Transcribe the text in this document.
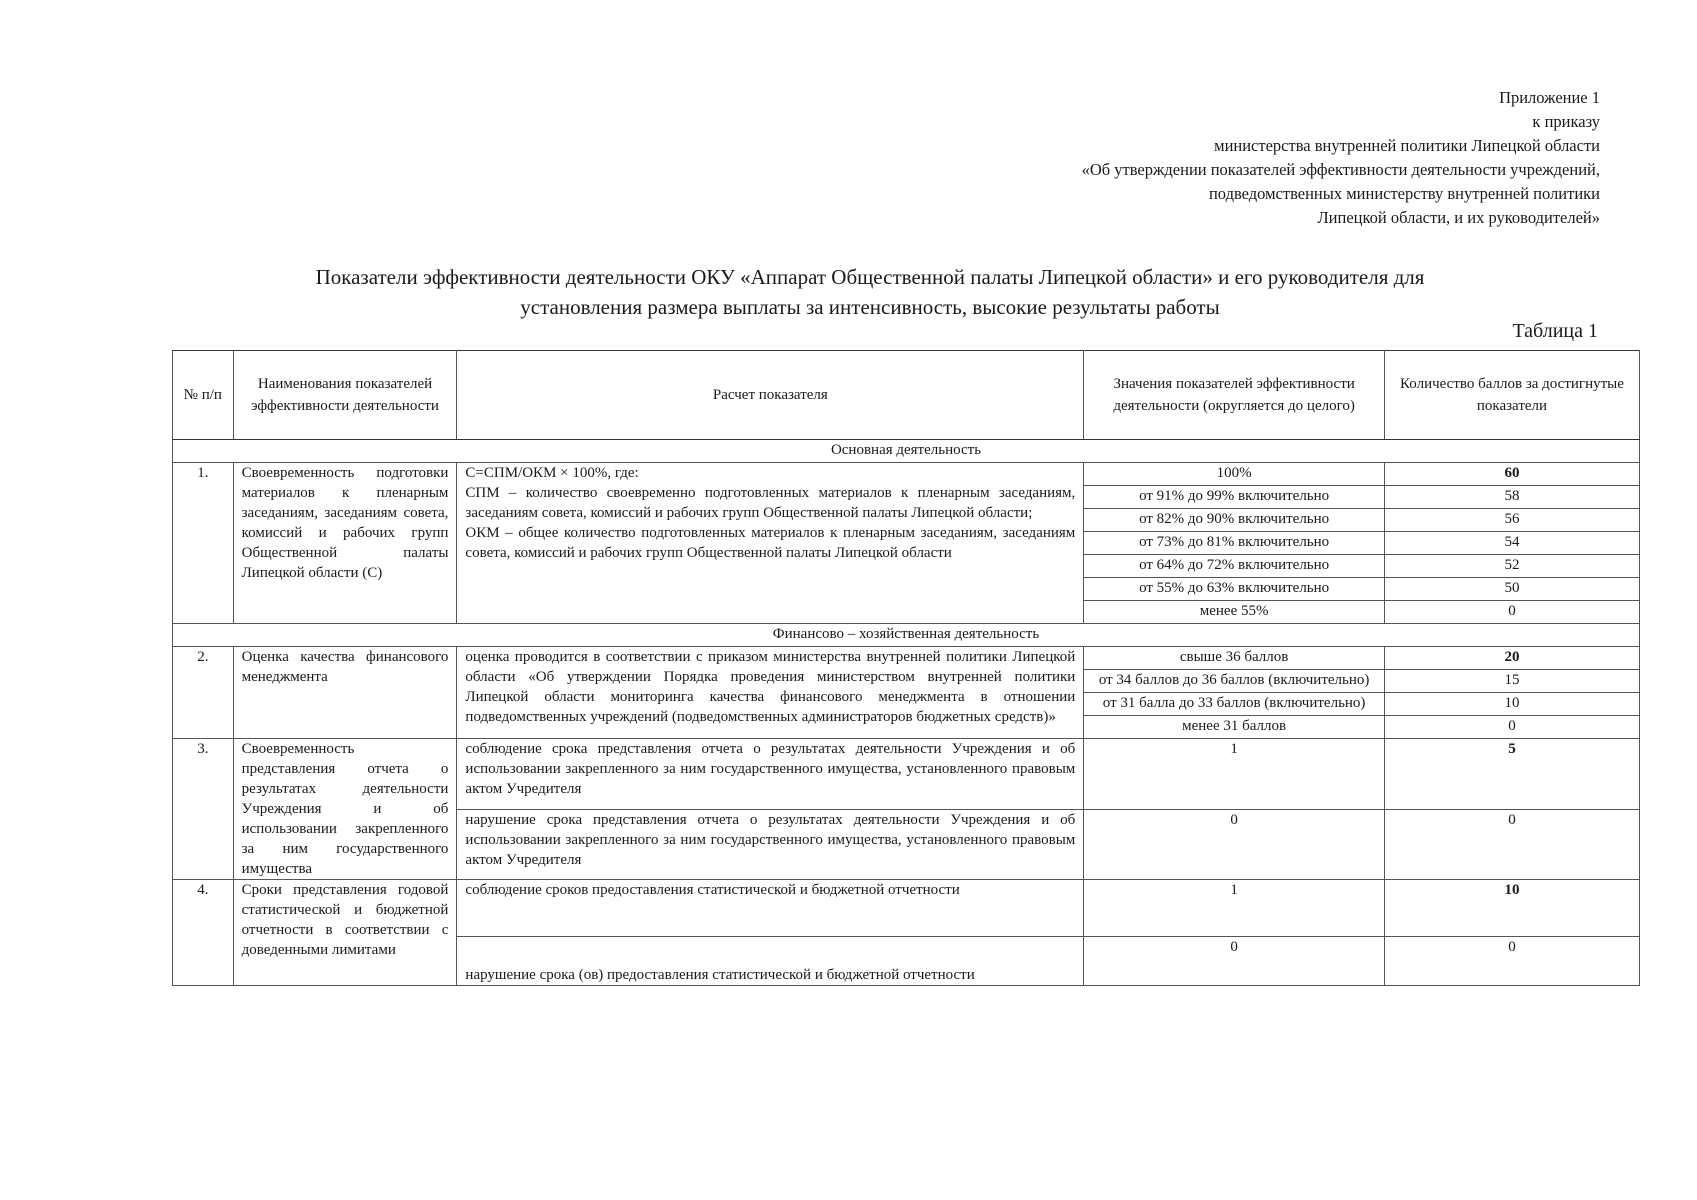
Приложение 1
к приказу
министерства внутренней политики Липецкой области
«Об утверждении показателей эффективности деятельности учреждений,
подведомственных министерству внутренней политики
Липецкой области, и их руководителей»
Показатели эффективности деятельности ОКУ «Аппарат Общественной палаты Липецкой области» и его руководителя для
установления размера выплаты за интенсивность, высокие результаты работы
Таблица 1
№ п/п	Наименования показателей эффективности деятельности	Расчет показателя	Значения показателей эффективности деятельности (округляется до целого)	Количество баллов за достигнутые показатели
Основная деятельность				
1.	Своевременность подготовки материалов к пленарным заседаниям, заседаниям совета, комиссий и рабочих групп Общественной палаты Липецкой области (С)	С=СПМ/ОКМ × 100%, где:

СПМ – количество своевременно подготовленных материалов к пленарным заседаниям, заседаниям совета, комиссий и рабочих групп Общественной палаты Липецкой области;

ОКМ – общее количество подготовленных материалов к пленарным заседаниям, заседаниям совета, комиссий и рабочих групп Общественной палаты Липецкой области	100%	60
			от 91% до 99% включительно	58
			от 82% до 90% включительно	56
			от 73% до 81% включительно	54
			от 64% до 72% включительно	52
			от 55% до 63% включительно	50
			менее 55%	0
Финансово – хозяйственная деятельность				
2.	Оценка качества финансового менеджмента	оценка проводится в соответствии с приказом министерства внутренней политики Липецкой области «Об утверждении Порядка проведения министерством внутренней политики Липецкой области мониторинга качества финансового менеджмента в отношении подведомственных учреждений (подведомственных администраторов бюджетных средств)»	свыше 36 баллов	20
			от 34 баллов до 36 баллов (включительно)	15
			от 31 балла до 33 баллов (включительно)	10
			менее 31 баллов	0
3.	Своевременность представления отчета о результатах деятельности Учреждения и об использовании закрепленного за ним государственного имущества	соблюдение срока представления отчета о результатах деятельности Учреждения и об использовании закрепленного за ним государственного имущества, установленного правовым актом Учредителя	1	5
		нарушение срока представления отчета о результатах деятельности Учреждения и об использовании закрепленного за ним государственного имущества, установленного правовым актом Учредителя	0	0
4.	Сроки представления годовой статистической и бюджетной отчетности в соответствии с доведенными лимитами	соблюдение сроков предоставления статистической и бюджетной отчетности	1	10
		нарушение срока (ов) предоставления статистической и бюджетной отчетности	0	0
